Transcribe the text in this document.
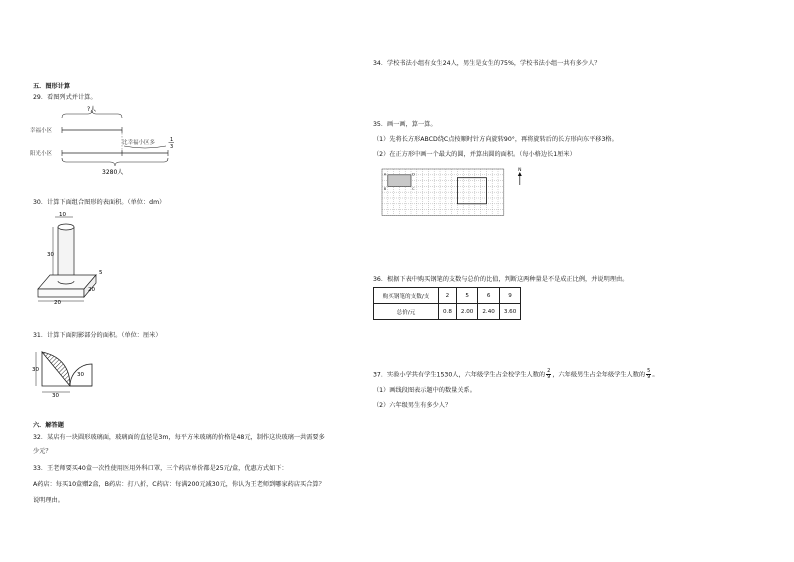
五．图形计算
29．看图列式并计算。
?人
幸福小区
阳光小区
比幸福小区多	1
3
3280人
30．计算下面组合图形的表面积。（单位：dm）
10
30
5
20
20
31．计算下面阴影部分的面积。（单位：厘米）
30
30
30
六．解答题
32．某店有一块圆形玻璃面，玻璃面的直径是3m，每平方米玻璃的价格是48元，制作这块玻璃一共需要多
少元？
33．王老师要买40盒一次性使用医用外科口罩，三个药店单价都是25元/盒，优惠方式如下：
A药店：每买10盒赠2盒，B药店：打八折，C药店：每满200元减30元，你认为王老师到哪家药店买合算？
说明理由。
34．学校书法小组有女生24人，男生是女生的75%，学校书法小组一共有多少人？
35．画一画，算一算。
（1）先将长方形ABCD绕C点按顺时针方向旋转90°，再将旋转后的长方形向东平移3格。
（2）在正方形中画一个最大的圆，并算出圆的面积。（每小格边长1厘米）
A	D
B	C
N
36．根据下表中购买钢笔的支数与总价的比值，判断这两种量是不是成正比例，并说明理由。
购买钢笔的支数/支	2	5	6	9
总价/元	0.8	2.00	2.40	3.60
37．实验小学共有学生1530人，六年级学生占全校学生人数的 $\frac{2}{9}$ ，六年级男生占全年级学生人数的 $\frac{5}{9}$ 。
（1）画线段图表示题中的数量关系。
（2）六年级男生有多少人？
